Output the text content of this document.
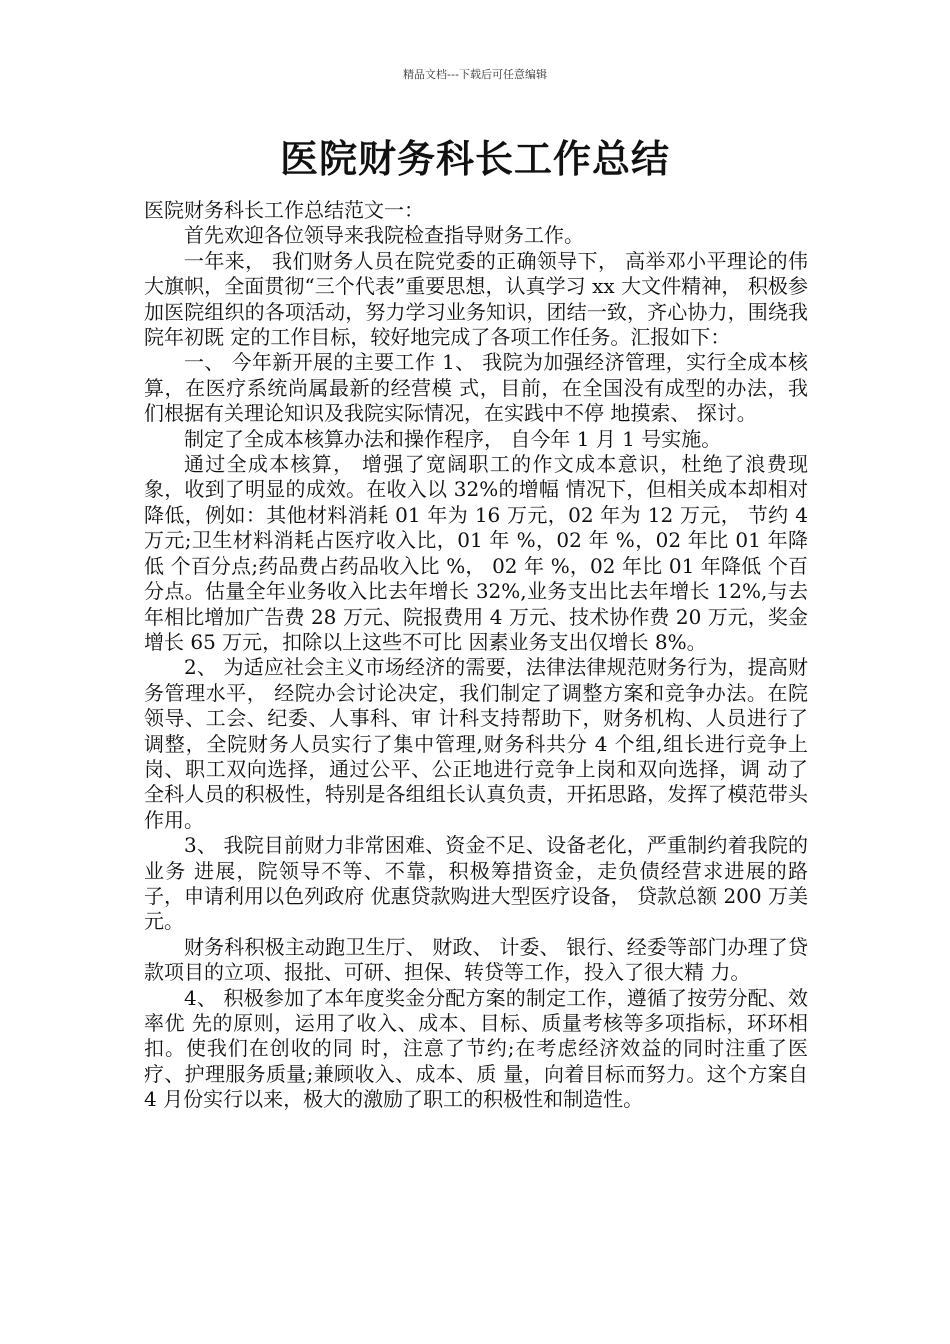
精品文档---下载后可任意编辑
医院财务科长工作总结

医院财务科长工作总结范文一：

首先欢迎各位领导来我院检查指导财务工作。

一年来， 我们财务人员在院党委的正确领导下， 高举邓小平理论的伟大旗帜，全面贯彻“三个代表”重要思想，认真学习 xx 大文件精神， 积极参加医院组织的各项活动，努力学习业务知识，团结一致，齐心协力，围绕我院年初既 定的工作目标，较好地完成了各项工作任务。汇报如下：

一、 今年新开展的主要工作 1、 我院为加强经济管理，实行全成本核算，在医疗系统尚属最新的经营模 式，目前，在全国没有成型的办法，我们根据有关理论知识及我院实际情况，在实践中不停 地摸索、 探讨。

制定了全成本核算办法和操作程序， 自今年 1 月 1 号实施。

通过全成本核算， 增强了宽阔职工的作文成本意识，杜绝了浪费现象，收到了明显的成效。在收入以 32%的增幅 情况下，但相关成本却相对降低，例如：其他材料消耗 01 年为 16 万元，02 年为 12 万元， 节约 4 万元;卫生材料消耗占医疗收入比，01 年 %，02 年 %，02 年比 01 年降低 个百分点;药品费占药品收入比 %， 02 年 %，02 年比 01 年降低 个百 分点。估量全年业务收入比去年增长 32%,业务支出比去年增长 12%,与去年相比增加广告费 28 万元、院报费用 4 万元、技术协作费 20 万元，奖金增长 65 万元，扣除以上这些不可比 因素业务支出仅增长 8%。

2、 为适应社会主义市场经济的需要，法律法律规范财务行为，提高财务管理水平， 经院办会讨论决定，我们制定了调整方案和竞争办法。在院领导、工会、纪委、人事科、审 计科支持帮助下，财务机构、人员进行了调整，全院财务人员实行了集中管理,财务科共分 4 个组,组长进行竞争上岗、职工双向选择，通过公平、公正地进行竞争上岗和双向选择，调 动了全科人员的积极性，特别是各组组长认真负责，开拓思路，发挥了模范带头作用。

3、 我院目前财力非常困难、资金不足、设备老化，严重制约着我院的业务 进展，院领导不等、不靠，积极筹措资金，走负债经营求进展的路子，申请利用以色列政府 优惠贷款购进大型医疗设备， 贷款总额 200 万美元。

财务科积极主动跑卫生厅、 财政、 计委、 银行、经委等部门办理了贷款项目的立项、报批、可研、担保、转贷等工作，投入了很大精 力。

4、 积极参加了本年度奖金分配方案的制定工作，遵循了按劳分配、效率优 先的原则，运用了收入、成本、目标、质量考核等多项指标，环环相扣。使我们在创收的同 时，注意了节约;在考虑经济效益的同时注重了医疗、护理服务质量;兼顾收入、成本、质 量，向着目标而努力。这个方案自 4 月份实行以来，极大的激励了职工的积极性和制造性。
